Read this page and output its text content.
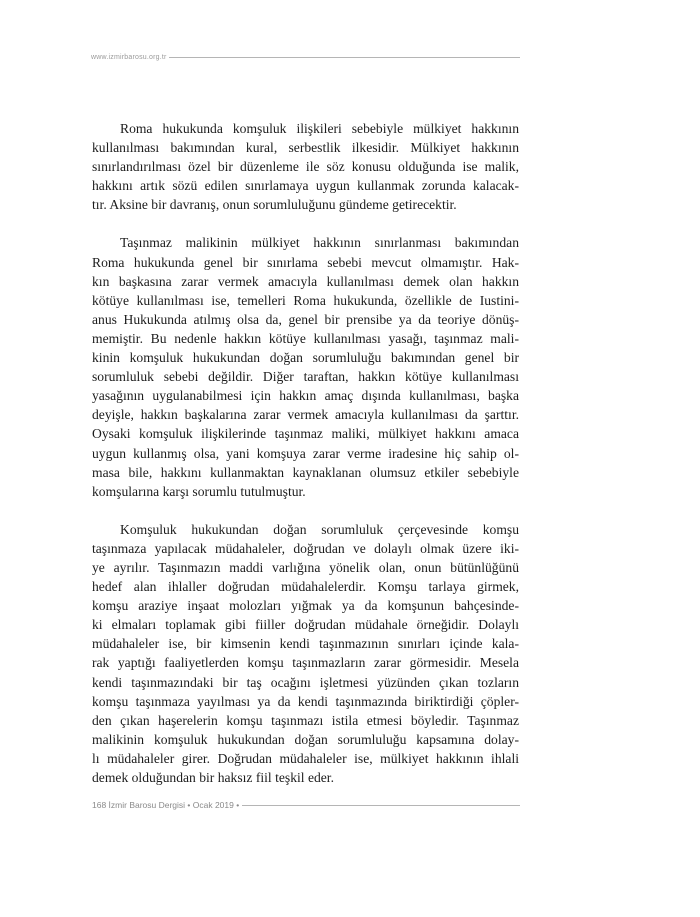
www.izmirbarosu.org.tr

Roma hukukunda komşuluk ilişkileri sebebiyle mülkiyet hakkının
kullanılması bakımından kural, serbestlik ilkesidir. Mülkiyet hakkının
sınırlandırılması özel bir düzenleme ile söz konusu olduğunda ise malik,
hakkını artık sözü edilen sınırlamaya uygun kullanmak zorunda kalacak-
tır. Aksine bir davranış, onun sorumluluğunu gündeme getirecektir.

Taşınmaz malikinin mülkiyet hakkının sınırlanması bakımından
Roma hukukunda genel bir sınırlama sebebi mevcut olmamıştır. Hak-
kın başkasına zarar vermek amacıyla kullanılması demek olan hakkın
kötüye kullanılması ise, temelleri Roma hukukunda, özellikle de Iustini-
anus Hukukunda atılmış olsa da, genel bir prensibe ya da teoriye dönüş-
memiştir. Bu nedenle hakkın kötüye kullanılması yasağı, taşınmaz mali-
kinin komşuluk hukukundan doğan sorumluluğu bakımından genel bir
sorumluluk sebebi değildir. Diğer taraftan, hakkın kötüye kullanılması
yasağının uygulanabilmesi için hakkın amaç dışında kullanılması, başka
deyişle, hakkın başkalarına zarar vermek amacıyla kullanılması da şarttır.
Oysaki komşuluk ilişkilerinde taşınmaz maliki, mülkiyet hakkını amaca
uygun kullanmış olsa, yani komşuya zarar verme iradesine hiç sahip ol-
masa bile, hakkını kullanmaktan kaynaklanan olumsuz etkiler sebebiyle
komşularına karşı sorumlu tutulmuştur.

Komşuluk hukukundan doğan sorumluluk çerçevesinde komşu
taşınmaza yapılacak müdahaleler, doğrudan ve dolaylı olmak üzere iki-
ye ayrılır. Taşınmazın maddi varlığına yönelik olan, onun bütünlüğünü
hedef alan ihlaller doğrudan müdahalelerdir. Komşu tarlaya girmek,
komşu araziye inşaat molozları yığmak ya da komşunun bahçesinde-
ki elmaları toplamak gibi fiiller doğrudan müdahale örneğidir. Dolaylı
müdahaleler ise, bir kimsenin kendi taşınmazının sınırları içinde kala-
rak yaptığı faaliyetlerden komşu taşınmazların zarar görmesidir. Mesela
kendi taşınmazındaki bir taş ocağını işletmesi yüzünden çıkan tozların
komşu taşınmaza yayılması ya da kendi taşınmazında biriktirdiği çöpler-
den çıkan haşerelerin komşu taşınmazı istila etmesi böyledir. Taşınmaz
malikinin komşuluk hukukundan doğan sorumluluğu kapsamına dolay-
lı müdahaleler girer. Doğrudan müdahaleler ise, mülkiyet hakkının ihlali
demek olduğundan bir haksız fiil teşkil eder.

168 İzmir Barosu Dergisi • Ocak 2019 •
